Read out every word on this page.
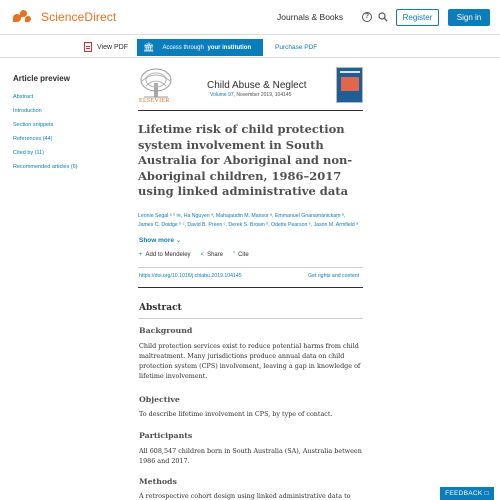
ScienceDirect	Journals & Books	?	Register	Sign in
View PDF 🏛 Access through
your institution	Purchase PDF
Article preview
Abstract
Introduction
Section snippets
References (44)
Cited by (11)
Recommended articles (6)
ELSEVIER
Child Abuse & Neglect
Volume 97, November 2019, 104145
Lifetime risk of child protection system involvement in South Australia for Aboriginal and non-Aboriginal children, 1986–2017 using linked administrative data
Leonie Segal ᵃ ᵇ ✉, Ha Nguyen ᵃ, Mahajaudin M. Mansor ᵃ, Emmanuel Gnanamanickam ᵃ,
James C. Doidge ᵇ ᶜ, David B. Preen ᶜ, Derek S. Brown ᵈ, Odette Pearson ᵉ, Jason M. Armfield ᵃ
Show more ⌄
+ Add to Mendeley < Share ” Cite
https://doi.org/10.1016/j.chiabu.2019.104145	Get rights and content
Abstract
Background

Child protection services exist to reduce potential harms from child maltreatment. Many jurisdictions produce annual data on child protection system (CPS) involvement, leaving a gap in knowledge of lifetime involvement.

Objective

To describe lifetime involvement in CPS, by type of contact.

Participants

All 608,547 children born in South Australia (SA), Australia between 1986 and 2017.

Methods

A retrospective cohort design using linked administrative data to	FEEDBACK □
